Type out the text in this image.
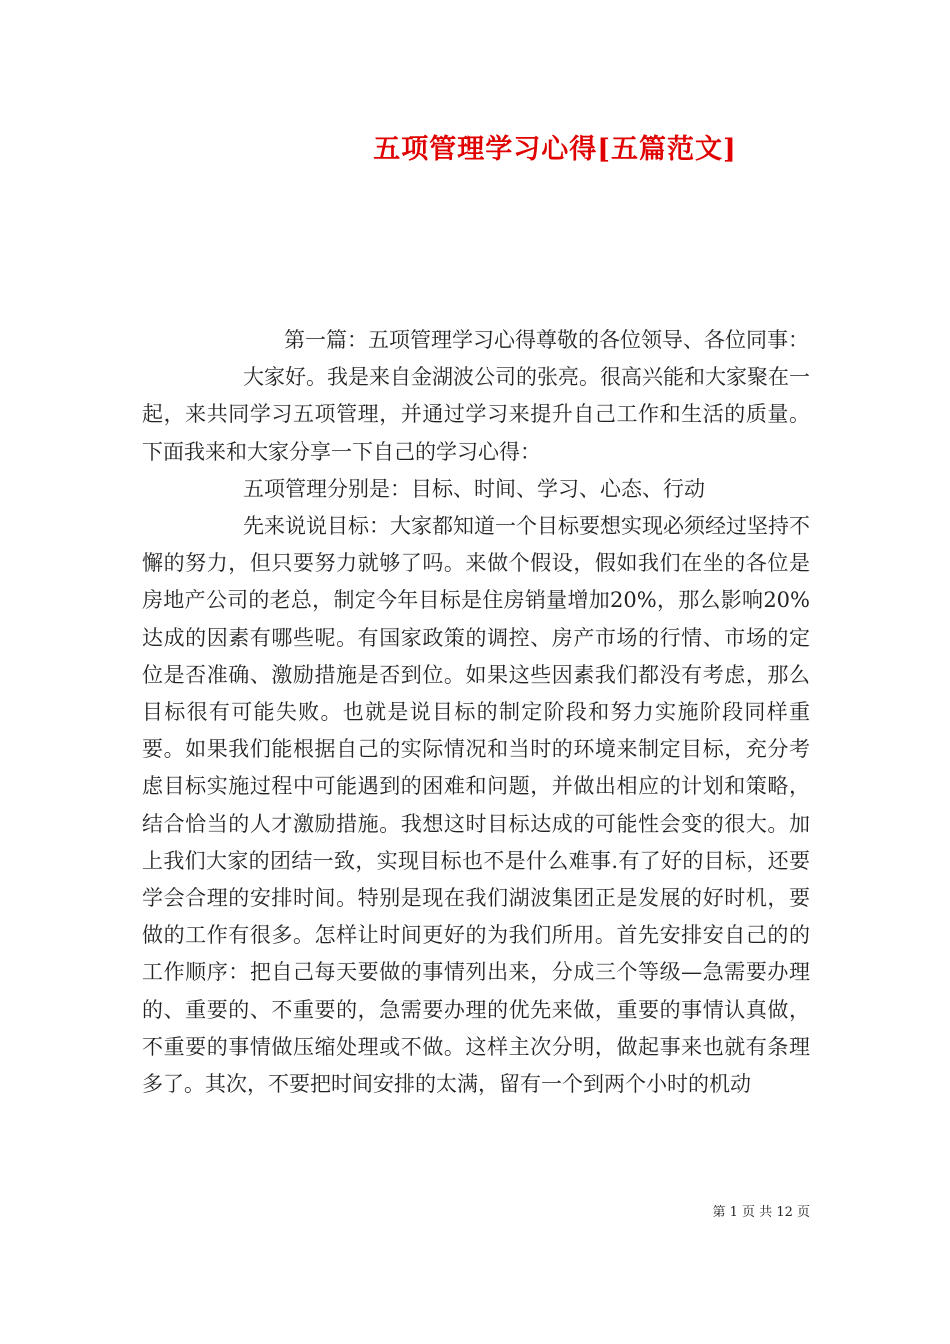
五项管理学习心得[五篇范文]

第一篇：五项管理学习心得尊敬的各位领导、各位同事：

大家好。我是来自金湖波公司的张亮。很高兴能和大家聚在一起，来共同学习五项管理，并通过学习来提升自己工作和生活的质量。下面我来和大家分享一下自己的学习心得：

五项管理分别是：目标、时间、学习、心态、行动

先来说说目标：大家都知道一个目标要想实现必须经过坚持不懈的努力，但只要努力就够了吗。来做个假设，假如我们在坐的各位是房地产公司的老总，制定今年目标是住房销量增加20%，那么影响20%达成的因素有哪些呢。有国家政策的调控、房产市场的行情、市场的定位是否准确、激励措施是否到位。如果这些因素我们都没有考虑，那么目标很有可能失败。也就是说目标的制定阶段和努力实施阶段同样重要。如果我们能根据自己的实际情况和当时的环境来制定目标，充分考虑目标实施过程中可能遇到的困难和问题，并做出相应的计划和策略，结合恰当的人才激励措施。我想这时目标达成的可能性会变的很大。加上我们大家的团结一致，实现目标也不是什么难事.有了好的目标，还要学会合理的安排时间。特别是现在我们湖波集团正是发展的好时机，要做的工作有很多。怎样让时间更好的为我们所用。首先安排安自己的的工作顺序：把自己每天要做的事情列出来，分成三个等级—急需要办理的、重要的、不重要的，急需要办理的优先来做，重要的事情认真做，不重要的事情做压缩处理或不做。这样主次分明，做起事来也就有条理多了。其次，不要把时间安排的太满，留有一个到两个小时的机动

第 1 页 共 12 页
